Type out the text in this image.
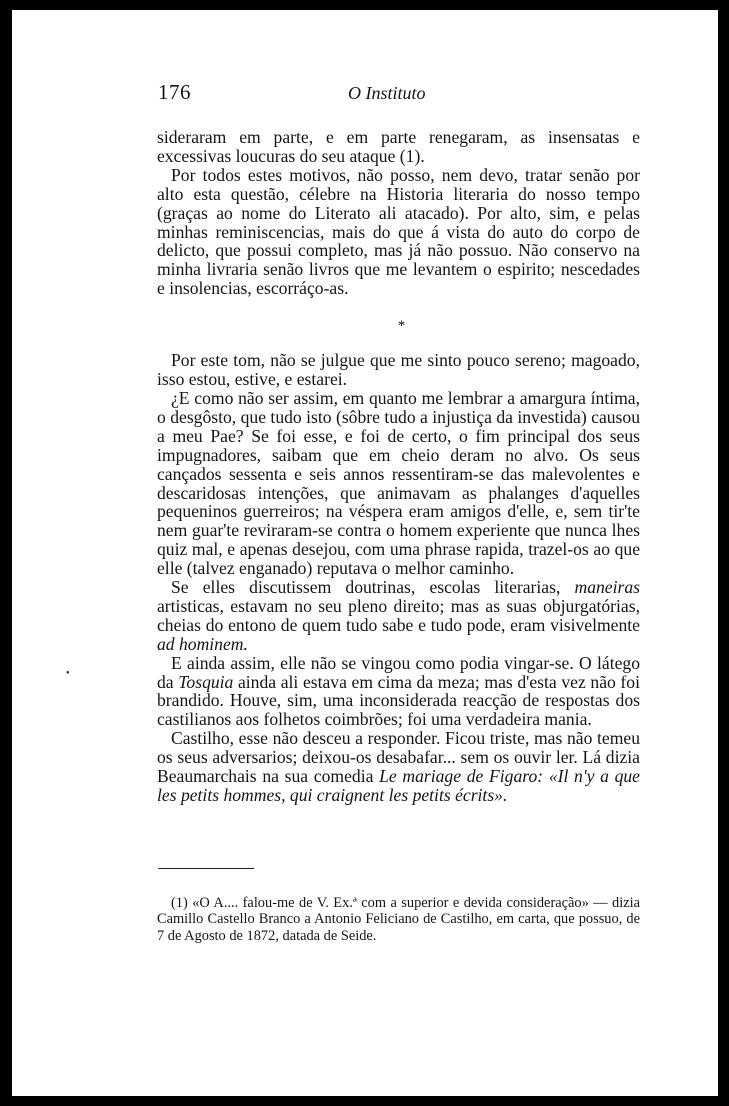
176	O Instituto

sideraram em parte, e em parte renegaram, as insensatas e excessivas loucuras do seu ataque (1).

Por todos estes motivos, não posso, nem devo, tratar senão por alto esta questão, célebre na Historia literaria do nosso tempo (graças ao nome do Literato ali atacado). Por alto, sim, e pelas minhas reminiscencias, mais do que á vista do auto do corpo de delicto, que possui completo, mas já não possuo. Não conservo na minha livraria senão livros que me levantem o espirito; nescedades e insolencias, escorráço-as.

*

Por este tom, não se julgue que me sinto pouco sereno; magoado, isso estou, estive, e estarei.

¿E como não ser assim, em quanto me lembrar a amargura íntima, o desgôsto, que tudo isto (sôbre tudo a injustiça da investida) causou a meu Pae? Se foi esse, e foi de certo, o fim principal dos seus impugnadores, saibam que em cheio deram no alvo. Os seus cançados sessenta e seis annos ressentiram-se das malevolentes e descaridosas intenções, que animavam as phalanges d'aquelles pequeninos guerreiros; na véspera eram amigos d'elle, e, sem tir'te nem guar'te reviraram-se contra o homem experiente que nunca lhes quiz mal, e apenas desejou, com uma phrase rapida, trazel-os ao que elle (talvez enganado) reputava o melhor caminho.

Se elles discutissem doutrinas, escolas literarias, maneiras artisticas, estavam no seu pleno direito; mas as suas objurgatórias, cheias do entono de quem tudo sabe e tudo pode, eram visivelmente ad hominem.

E ainda assim, elle não se vingou como podia vingar-se. O látego da Tosquia ainda ali estava em cima da meza; mas d'esta vez não foi brandido. Houve, sim, uma inconsiderada reacção de respostas dos castilianos aos folhetos coimbrões; foi uma verdadeira mania.

Castilho, esse não desceu a responder. Ficou triste, mas não temeu os seus adversarios; deixou-os desabafar... sem os ouvir ler. Lá dizia Beaumarchais na sua comedia Le mariage de Figaro: «Il n'y a que les petits hommes, qui craignent les petits écrits».

(1) «O A.... falou-me de V. Ex.ª com a superior e devida consideração» — dizia Camillo Castello Branco a Antonio Feliciano de Castilho, em carta, que possuo, de 7 de Agosto de 1872, datada de Seide.

•
